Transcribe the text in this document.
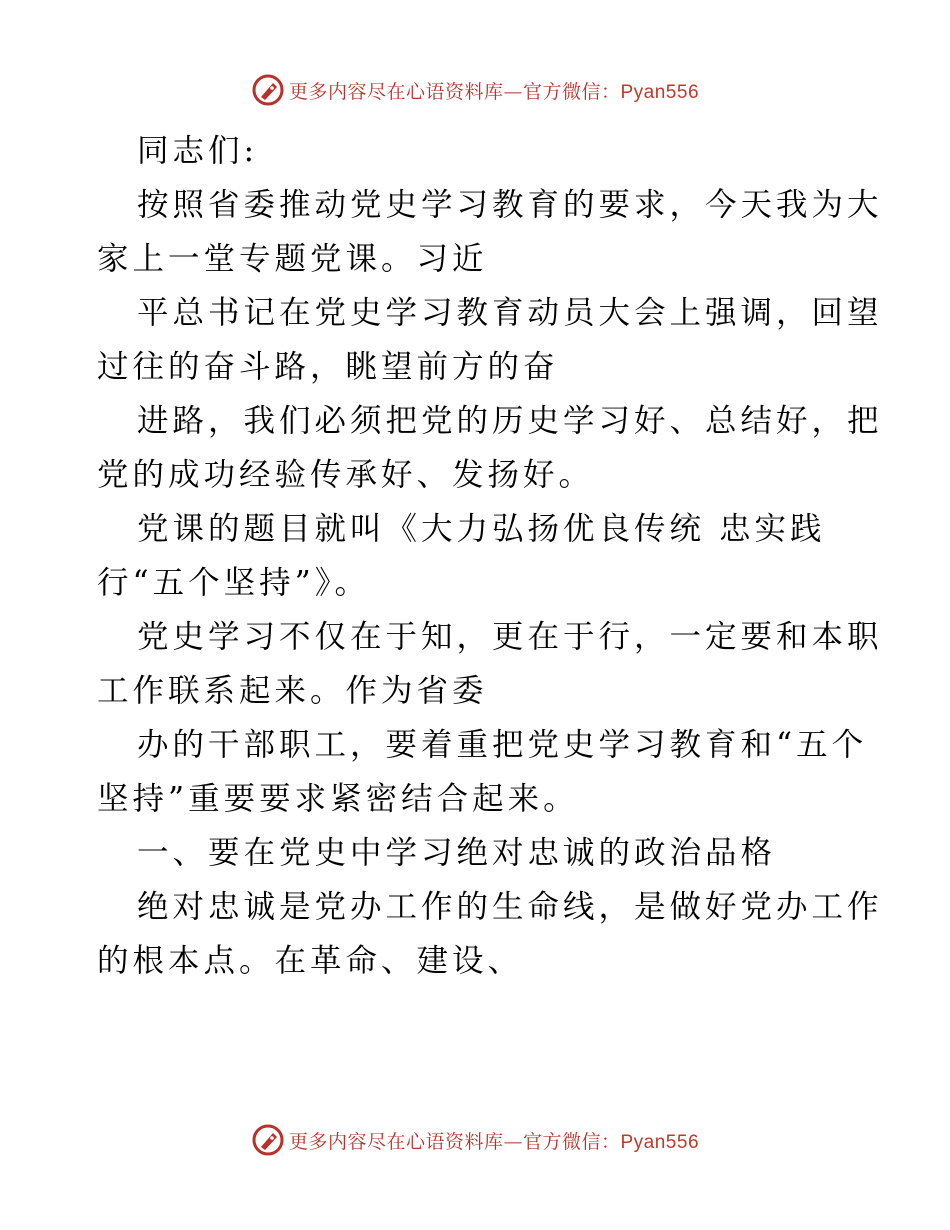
更多内容尽在心语资料库—官方微信：Pyan556
同志们:
按照省委推动党史学习教育的要求，今天我为大
家上一堂专题党课。习近
平总书记在党史学习教育动员大会上强调，回望
过往的奋斗路，眺望前方的奋
进路，我们必须把党的历史学习好、总结好，把
党的成功经验传承好、发扬好。
党课的题目就叫《大力弘扬优良传统 忠实践
行“五个坚持”》。
党史学习不仅在于知，更在于行，一定要和本职
工作联系起来。作为省委
办的干部职工，要着重把党史学习教育和“五个
坚持”重要要求紧密结合起来。
一、要在党史中学习绝对忠诚的政治品格
绝对忠诚是党办工作的生命线，是做好党办工作
的根本点。在革命、建设、
更多内容尽在心语资料库—官方微信：Pyan556
